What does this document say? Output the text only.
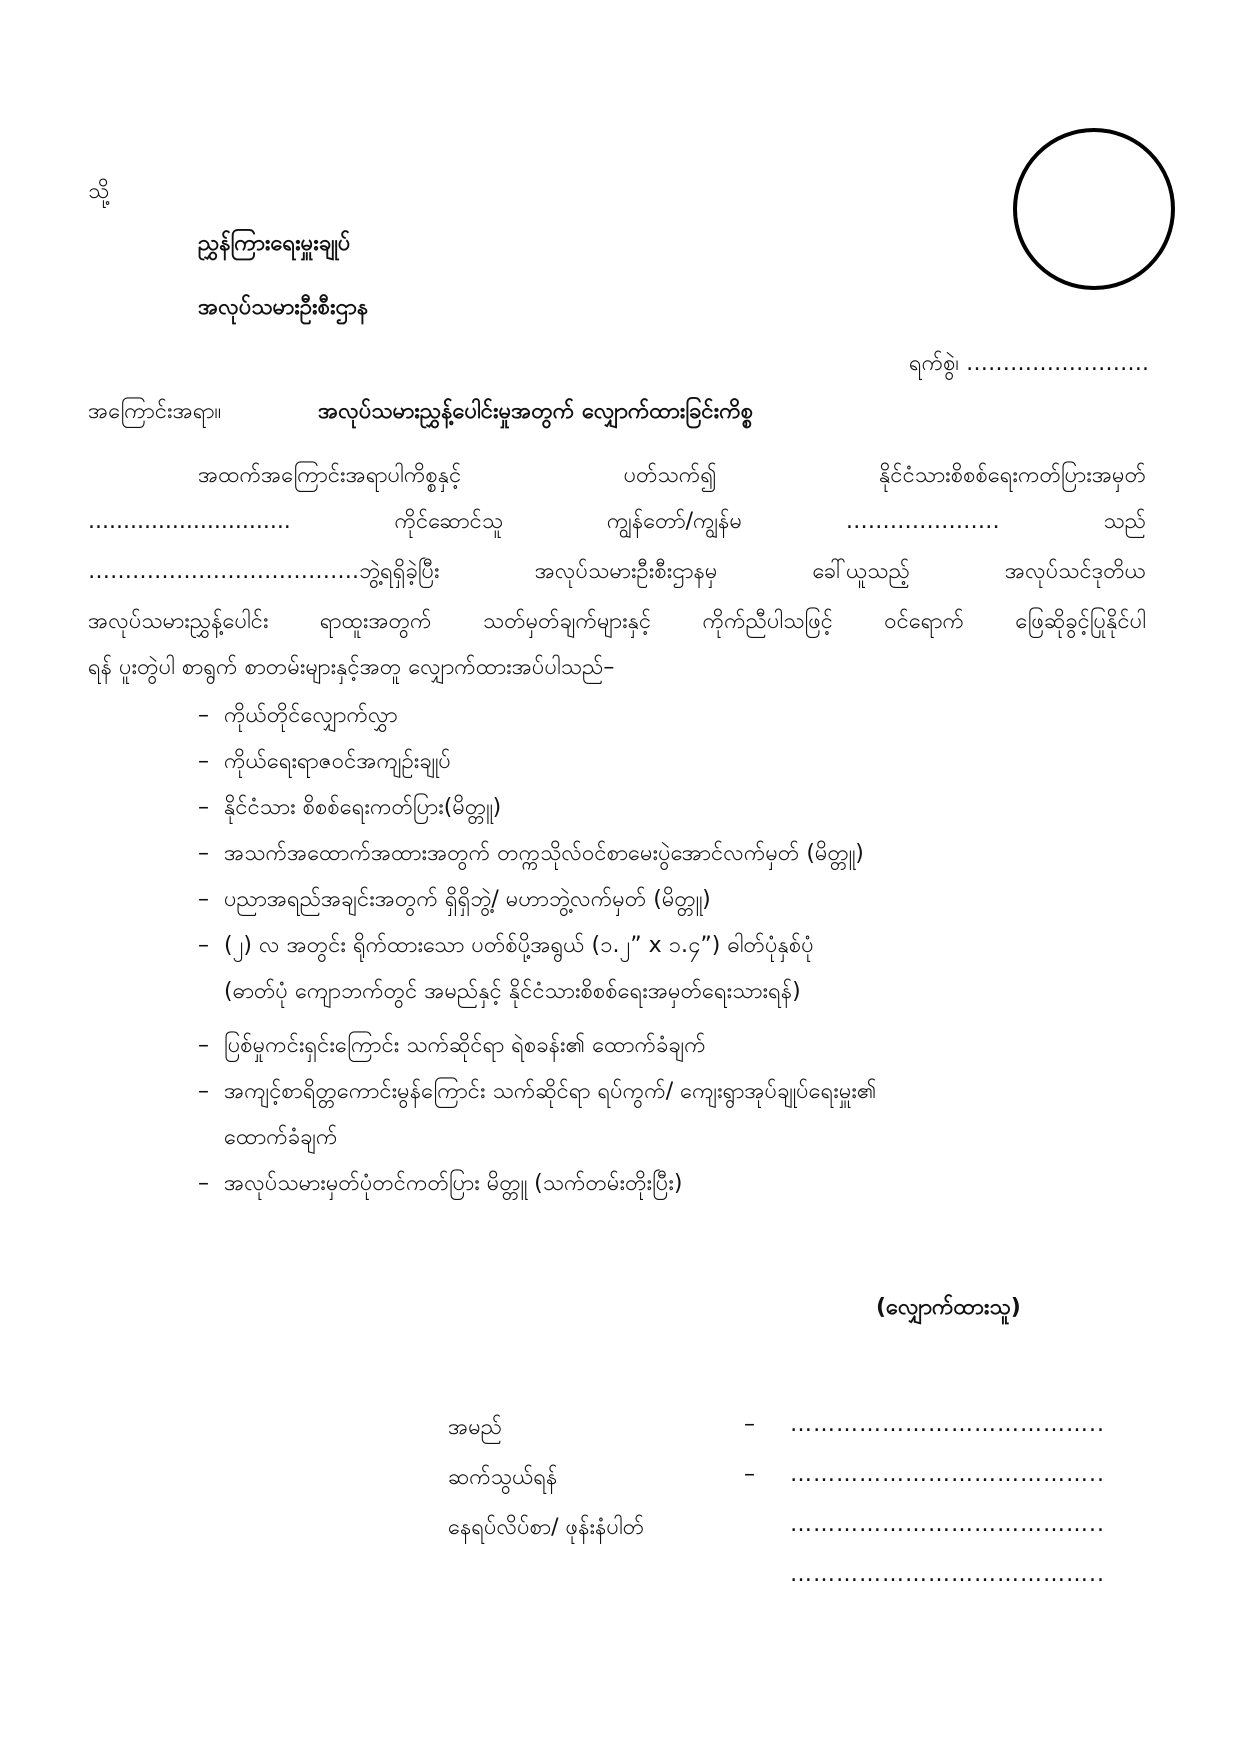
သို့
ညွှန်ကြားရေးမှူးချုပ်
အလုပ်သမားဦးစီးဌာန
ရက်စွဲ၊ …………………….
အကြောင်းအရာ။	အလုပ်သမားညွှန့်ပေါင်းမှုအတွက် လျှောက်ထားခြင်းကိစ္စ
အထက်အကြောင်းအရာပါကိစ္စနှင့် ပတ်သက်၍ နိုင်ငံသားစိစစ်ရေးကတ်ပြားအမှတ်
............................. ကိုင်ဆောင်သူ ကျွန်တော်/ကျွန်မ ………………… သည်
……………………………….ဘွဲ့ရရှိခဲ့ပြီး အလုပ်သမားဦးစီးဌာနမှ ခေါ်ယူသည့် အလုပ်သင်ဒုတိယ
အလုပ်သမားညွှန့်ပေါင်း ရာထူးအတွက် သတ်မှတ်ချက်များနှင့် ကိုက်ညီပါသဖြင့် ဝင်ရောက် ဖြေဆိုခွင့်ပြုနိုင်ပါ
ရန် ပူးတွဲပါ စာရွက် စာတမ်းများနှင့်အတူ လျှောက်ထားအပ်ပါသည်–
– ကိုယ်တိုင်လျှောက်လွှာ
– ကိုယ်ရေးရာဇဝင်အကျဉ်းချုပ်
– နိုင်ငံသား စိစစ်ရေးကတ်ပြား(မိတ္တူ)
– အသက်အထောက်အထားအတွက် တက္ကသိုလ်ဝင်စာမေးပွဲအောင်လက်မှတ် (မိတ္တူ)
– ပညာအရည်အချင်းအတွက် ရှိရှိဘွဲ့/ မဟာဘွဲ့လက်မှတ် (မိတ္တူ)
– (၂) လ အတွင်း ရိုက်ထားသော ပတ်စ်ပို့အရွယ် (၁.၂” x ၁.၄”) ဓါတ်ပုံနှစ်ပုံ
(ဓာတ်ပုံ ကျောဘက်တွင် အမည်နှင့် နိုင်ငံသားစိစစ်ရေးအမှတ်ရေးသားရန်)
– ပြစ်မှုကင်းရှင်းကြောင်း သက်ဆိုင်ရာ ရဲစခန်း၏ ထောက်ခံချက်
– အကျင့်စာရိတ္တကောင်းမွန်ကြောင်း သက်ဆိုင်ရာ ရပ်ကွက်/ ကျေးရွာအုပ်ချုပ်ရေးမှူး၏
ထောက်ခံချက်
– အလုပ်သမားမှတ်ပုံတင်ကတ်ပြား မိတ္တူ (သက်တမ်းတိုးပြီး)
(လျှောက်ထားသူ)
အမည်	– …………………………………..
ဆက်သွယ်ရန်	– …………………………………..
နေရပ်လိပ်စာ/ ဖုန်းနံပါတ်	…………………………………..
…………………………………..
